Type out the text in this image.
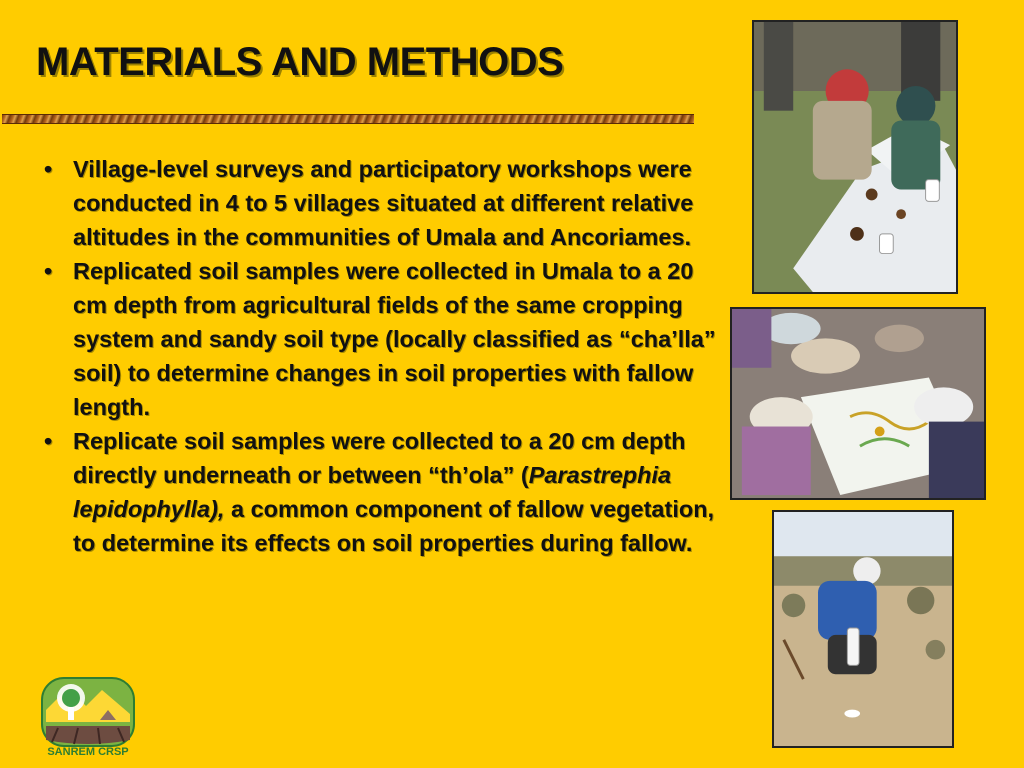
MATERIALS AND METHODS
• Village-level surveys and participatory workshops were conducted in 4 to 5 villages situated at different relative altitudes in the communities of Umala and Ancoriames.
• Replicated soil samples were collected in Umala to a 20 cm depth from agricultural fields of the same cropping system and sandy soil type (locally classified as “cha’lla” soil) to determine changes in soil properties with fallow length.
• Replicate soil samples were collected to a 20 cm depth directly underneath or between “th’ola” (Parastrephia lepidophylla), a common component of fallow vegetation, to determine its effects on soil properties during fallow.
SANREM CRSP
